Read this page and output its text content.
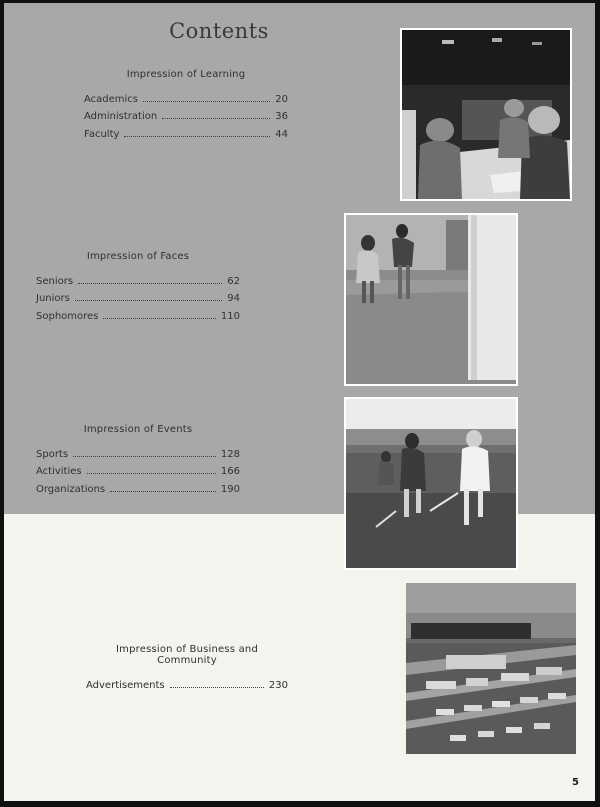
Contents
Impression of Learning
Academics	20
Administration	36
Faculty	44
Impression of Faces
Seniors	62
Juniors	94
Sophomores	110
Impression of Events
Sports	128
Activities	166
Organizations	190
Impression of Business and Community
Advertisements	230
5
